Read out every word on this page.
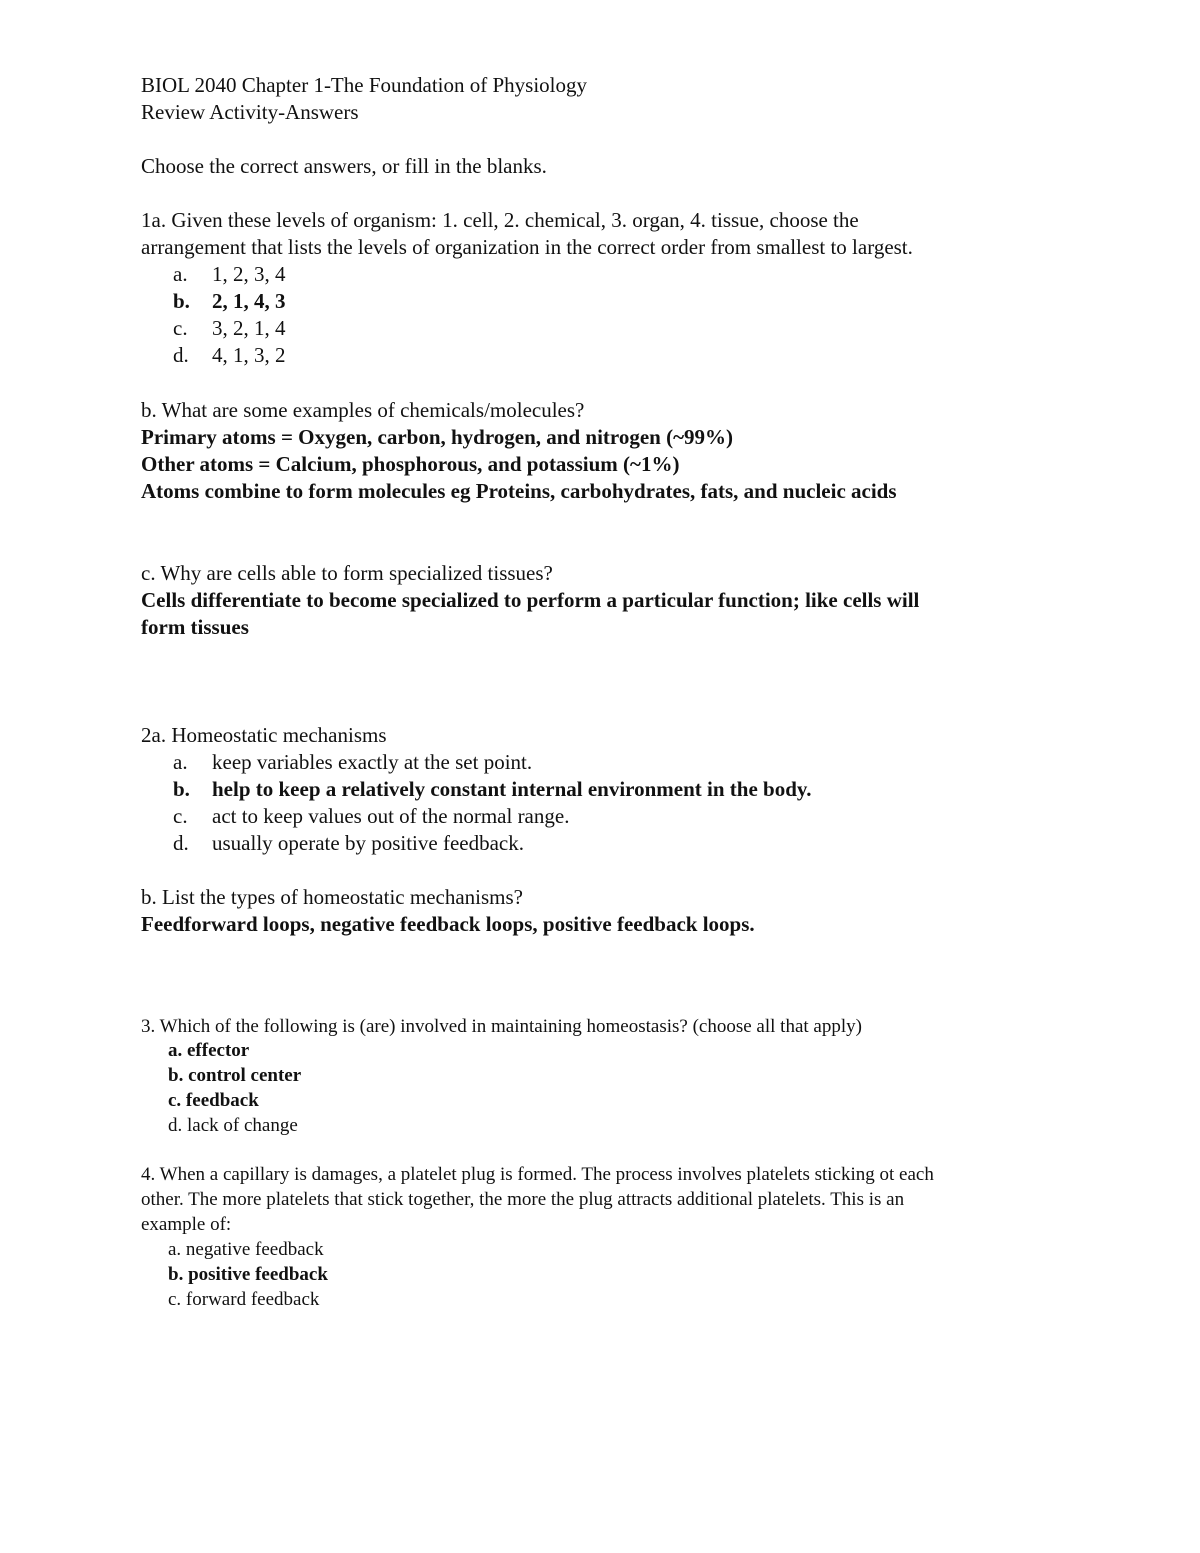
BIOL 2040 Chapter 1-The Foundation of Physiology
Review Activity-Answers
Choose the correct answers, or fill in the blanks.
1a. Given these levels of organism: 1. cell, 2. chemical, 3. organ, 4. tissue, choose the
arrangement that lists the levels of organization in the correct order from smallest to largest.
a. 1, 2, 3, 4
b. 2, 1, 4, 3
c. 3, 2, 1, 4
d. 4, 1, 3, 2
b. What are some examples of chemicals/molecules?
Primary atoms = Oxygen, carbon, hydrogen, and nitrogen (~99%)
Other atoms = Calcium, phosphorous, and potassium (~1%)
Atoms combine to form molecules eg Proteins, carbohydrates, fats, and nucleic acids
c. Why are cells able to form specialized tissues?
Cells differentiate to become specialized to perform a particular function; like cells will
form tissues
2a. Homeostatic mechanisms
a. keep variables exactly at the set point.
b. help to keep a relatively constant internal environment in the body.
c. act to keep values out of the normal range.
d. usually operate by positive feedback.
b. List the types of homeostatic mechanisms?
Feedforward loops, negative feedback loops, positive feedback loops.
3. Which of the following is (are) involved in maintaining homeostasis? (choose all that apply)
a. effector
b. control center
c. feedback
d. lack of change
4. When a capillary is damages, a platelet plug is formed. The process involves platelets sticking ot each
other. The more platelets that stick together, the more the plug attracts additional platelets. This is an
example of:
a. negative feedback
b. positive feedback
c. forward feedback
